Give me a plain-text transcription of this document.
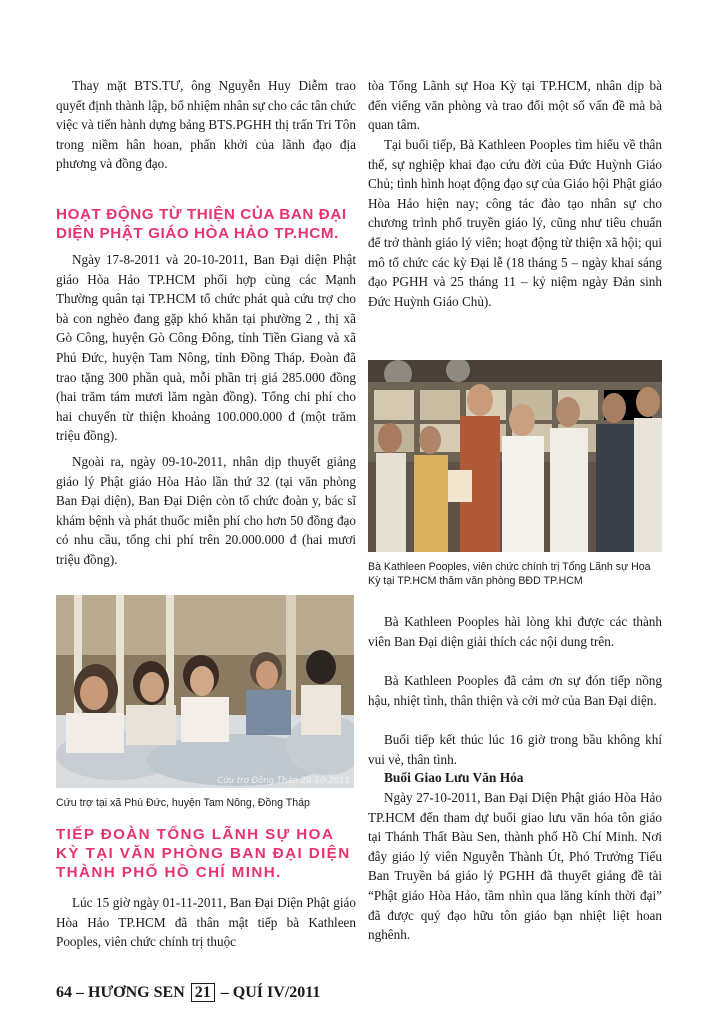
Thay mặt BTS.TƯ, ông Nguyễn Huy Diễm trao quyết định thành lập, bổ nhiệm nhân sự cho các tân chức việc và tiến hành dựng bảng BTS.PGHH thị trấn Tri Tôn trong niềm hân hoan, phấn khởi của lãnh đạo địa phương và đồng đạo.

HOẠT ĐỘNG TỪ THIỆN CỦA BAN ĐẠI DIỆN PHẬT GIÁO HÒA HẢO TP.HCM.

Ngày 17-8-2011 và 20-10-2011, Ban Đại diện Phật giáo Hòa Hảo TP.HCM phối hợp cùng các Mạnh Thường quân tại TP.HCM tổ chức phát quà cứu trợ cho bà con nghèo đang gặp khó khăn tại phường 2 , thị xã Gò Công, huyện Gò Công Đông, tỉnh Tiền Giang và xã Phú Đức, huyện Tam Nông, tỉnh Đồng Tháp. Đoàn đã trao tặng 300 phần quà, mỗi phần trị giá 285.000 đồng (hai trăm tám mươi lăm ngàn đồng). Tổng chi phí cho hai chuyến từ thiện khoảng 100.000.000 đ (một trăm triệu đồng).

Ngoài ra, ngày 09-10-2011, nhân dịp thuyết giảng giáo lý Phật giáo Hòa Hảo lần thứ 32 (tại văn phòng Ban Đại diện), Ban Đại Diện còn tổ chức đoàn y, bác sĩ khám bệnh và phát thuốc miễn phí cho hơn 50 đồng đạo có nhu cầu, tổng chi phí trên 20.000.000 đ (hai mươi triệu đồng).

Cứu trợ Đồng Tháp 20-10-2011

Cứu trợ tại xã Phú Đức, huyện Tam Nông, Đồng Tháp

TIẾP ĐOÀN TỔNG LÃNH SỰ HOA KỲ TẠI VĂN PHÒNG BAN ĐẠI DIỆN THÀNH PHỐ HỒ CHÍ MINH.

Lúc 15 giờ ngày 01-11-2011, Ban Đại Diện Phật giáo Hòa Hảo TP.HCM đã thân mật tiếp bà Kathleen Pooples, viên chức chính trị thuộc

tòa Tổng Lãnh sự Hoa Kỳ tại TP.HCM, nhân dịp bà đến viếng văn phòng và trao đổi một số vấn đề mà bà quan tâm.

Tại buổi tiếp, Bà Kathleen Pooples tìm hiểu về thân thế, sự nghiệp khai đạo cứu đời của Đức Huỳnh Giáo Chủ; tình hình hoạt động đạo sự của Giáo hội Phật giáo Hòa Hảo hiện nay; công tác đào tạo nhân sự cho chương trình phổ truyền giáo lý, cũng như tiêu chuẩn để trở thành giáo lý viên; hoạt động từ thiện xã hội; qui mô tổ chức các kỳ Đại lễ (18 tháng 5 – ngày khai sáng đạo PGHH và 25 tháng 11 – kỷ niệm ngày Đản sinh Đức Huỳnh Giáo Chủ).

Bà Kathleen Pooples, viên chức chính trị Tổng Lãnh sự Hoa Kỳ tại TP.HCM thăm văn phòng BĐD TP.HCM

Bà Kathleen Pooples hài lòng khi được các thành viên Ban Đại diện giải thích các nội dung trên.

Bà Kathleen Pooples đã cảm ơn sự đón tiếp nồng hậu, nhiệt tình, thân thiện và cởi mở của Ban Đại diện.

Buổi tiếp kết thúc lúc 16 giờ trong bầu không khí vui vẻ, thân tình.

Buổi Giao Lưu Văn Hóa

Ngày 27-10-2011, Ban Đại Diện Phật giáo Hòa Hảo TP.HCM đến tham dự buổi giao lưu văn hóa tôn giáo tại Thánh Thất Bàu Sen, thành phố Hồ Chí Minh. Nơi đây giáo lý viên Nguyễn Thành Út, Phó Trưởng Tiểu Ban Truyền bá giáo lý PGHH đã thuyết giảng đề tài “Phật giáo Hòa Hảo, tầm nhìn qua lăng kính thời đại” đã được quý đạo hữu tôn giáo bạn nhiệt liệt hoan nghênh.

64 – HƯƠNG SEN 21 – QUÍ IV/2011
